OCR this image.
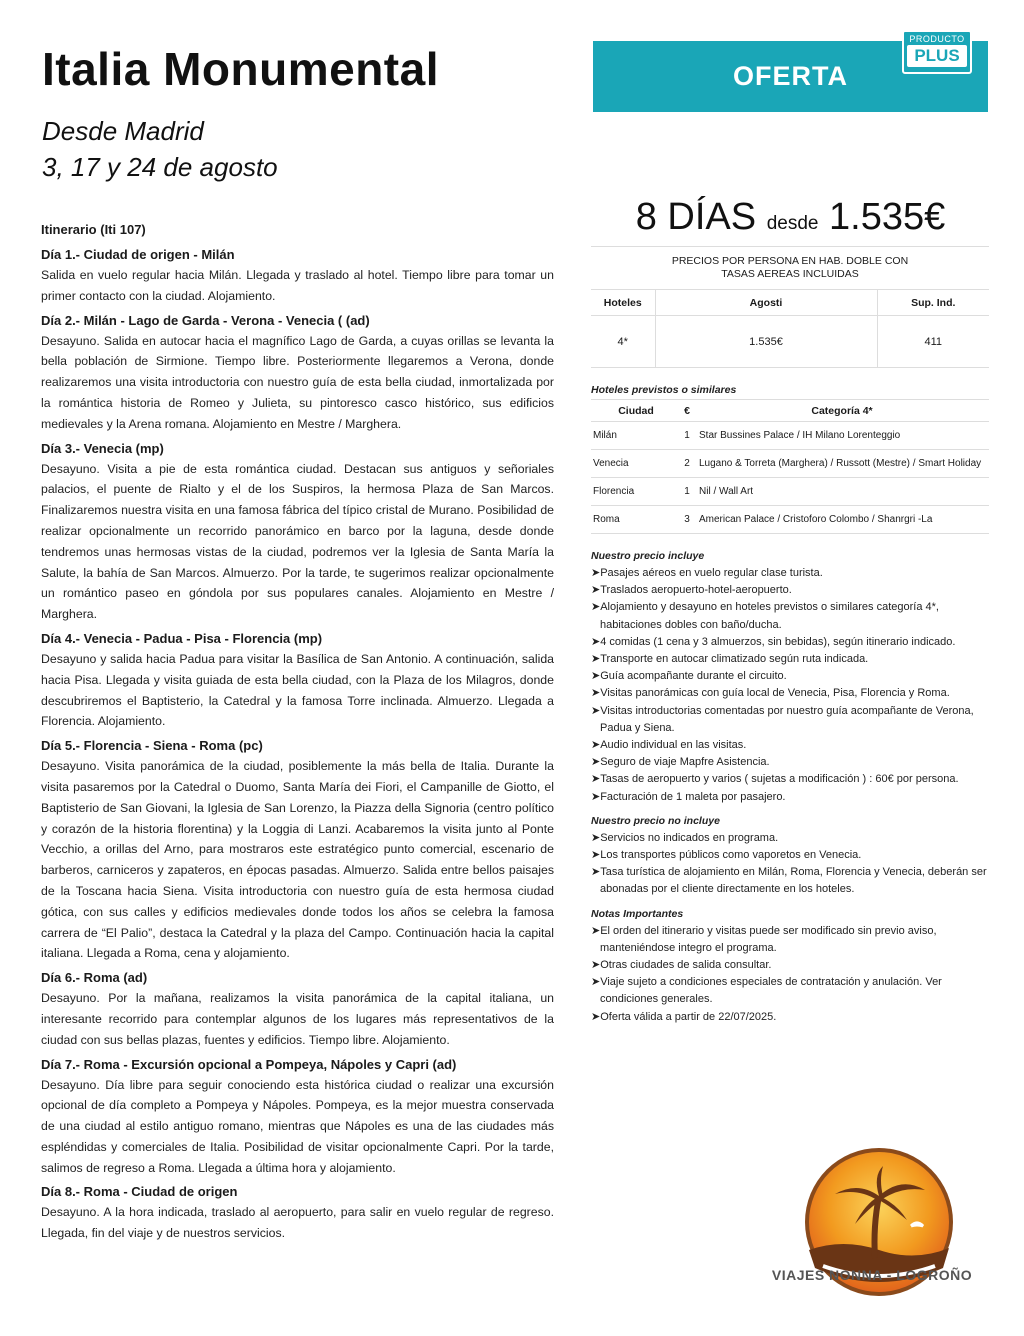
Italia Monumental
Desde Madrid
3, 17 y 24 de agosto
OFERTA
PRODUCTO
PLUS
8 DÍAS desde 1.535€
Itinerario (Iti 107)
Día 1.- Ciudad de origen - Milán
Salida en vuelo regular hacia Milán. Llegada y traslado al hotel. Tiempo libre para tomar un primer contacto con la ciudad. Alojamiento.
Día 2.- Milán - Lago de Garda - Verona - Venecia ( (ad)
Desayuno. Salida en autocar hacia el magnífico Lago de Garda, a cuyas orillas se levanta la bella población de Sirmione. Tiempo libre. Posteriormente llegaremos a Verona, donde realizaremos una visita introductoria con nuestro guía de esta bella ciudad, inmortalizada por la romántica historia de Romeo y Julieta, su pintoresco casco histórico, sus edificios medievales y la Arena romana. Alojamiento en Mestre / Marghera.
Día 3.- Venecia (mp)
Desayuno. Visita a pie de esta romántica ciudad. Destacan sus antiguos y señoriales palacios, el puente de Rialto y el de los Suspiros, la hermosa Plaza de San Marcos. Finalizaremos nuestra visita en una famosa fábrica del típico cristal de Murano. Posibilidad de realizar opcionalmente un recorrido panorámico en barco por la laguna, desde donde tendremos unas hermosas vistas de la ciudad, podremos ver la Iglesia de Santa María la Salute, la bahía de San Marcos. Almuerzo. Por la tarde, te sugerimos realizar opcionalmente un romántico paseo en góndola por sus populares canales. Alojamiento en Mestre / Marghera.
Día 4.- Venecia - Padua - Pisa - Florencia (mp)
Desayuno y salida hacia Padua para visitar la Basílica de San Antonio. A continuación, salida hacia Pisa. Llegada y visita guiada de esta bella ciudad, con la Plaza de los Milagros, donde descubriremos el Baptisterio, la Catedral y la famosa Torre inclinada. Almuerzo. Llegada a Florencia. Alojamiento.
Día 5.- Florencia - Siena - Roma (pc)
Desayuno. Visita panorámica de la ciudad, posiblemente la más bella de Italia. Durante la visita pasaremos por la Catedral o Duomo, Santa María dei Fiori, el Campanille de Giotto, el Baptisterio de San Giovani, la Iglesia de San Lorenzo, la Piazza della Signoria (centro político y corazón de la historia florentina) y la Loggia di Lanzi. Acabaremos la visita junto al Ponte Vecchio, a orillas del Arno, para mostraros este estratégico punto comercial, escenario de barberos, carniceros y zapateros, en épocas pasadas. Almuerzo. Salida entre bellos paisajes de la Toscana hacia Siena. Visita introductoria con nuestro guía de esta hermosa ciudad gótica, con sus calles y edificios medievales donde todos los años se celebra la famosa carrera de “El Palio”, destaca la Catedral y la plaza del Campo. Continuación hacia la capital italiana. Llegada a Roma, cena y alojamiento.
Día 6.- Roma (ad)
Desayuno. Por la mañana, realizamos la visita panorámica de la capital italiana, un interesante recorrido para contemplar algunos de los lugares más representativos de la ciudad con sus bellas plazas, fuentes y edificios. Tiempo libre. Alojamiento.
Día 7.- Roma - Excursión opcional a Pompeya, Nápoles y Capri (ad)
Desayuno. Día libre para seguir conociendo esta histórica ciudad o realizar una excursión opcional de día completo a Pompeya y Nápoles. Pompeya, es la mejor muestra conservada de una ciudad al estilo antiguo romano, mientras que Nápoles es una de las ciudades más espléndidas y comerciales de Italia. Posibilidad de visitar opcionalmente Capri. Por la tarde, salimos de regreso a Roma. Llegada a última hora y alojamiento.
Día 8.- Roma - Ciudad de origen
Desayuno. A la hora indicada, traslado al aeropuerto, para salir en vuelo regular de regreso. Llegada, fin del viaje y de nuestros servicios.
PRECIOS POR PERSONA EN HAB. DOBLE CON
TASAS AEREAS INCLUIDAS
Hoteles	Agosti	Sup. Ind.
4*	1.535€	411
Hoteles previstos o similares
Ciudad	€	Categoría 4*
Milán	1	Star Bussines Palace / IH Milano Lorenteggio
Venecia	2	Lugano & Torreta (Marghera) / Russott (Mestre) / Smart Holiday
Florencia	1	Nil / Wall Art
Roma	3	American Palace / Cristoforo Colombo / Shanrgri -La
Nuestro precio incluye
➤Pasajes aéreos en vuelo regular clase turista.
➤Traslados aeropuerto-hotel-aeropuerto.
➤Alojamiento y desayuno en hoteles previstos o similares categoría 4*, habitaciones dobles con baño/ducha.
➤4 comidas (1 cena y 3 almuerzos, sin bebidas), según itinerario indicado.
➤Transporte en autocar climatizado según ruta indicada.
➤Guía acompañante durante el circuito.
➤Visitas panorámicas con guía local de Venecia, Pisa, Florencia y Roma.
➤Visitas introductorias comentadas por nuestro guía acompañante de Verona, Padua y Siena.
➤Audio individual en las visitas.
➤Seguro de viaje Mapfre Asistencia.
➤Tasas de aeropuerto y varios ( sujetas a modificación ) : 60€ por persona.
➤Facturación de 1 maleta por pasajero.
Nuestro precio no incluye
➤Servicios no indicados en programa.
➤Los transportes públicos como vaporetos en Venecia.
➤Tasa turística de alojamiento en Milán, Roma, Florencia y Venecia, deberán ser abonadas por el cliente directamente en los hoteles.
Notas Importantes
➤El orden del itinerario y visitas puede ser modificado sin previo aviso, manteniéndose integro el programa.
➤Otras ciudades de salida consultar.
➤Viaje sujeto a condiciones especiales de contratación y anulación. Ver condiciones generales.
➤Oferta válida a partir de 22/07/2025.
VIAJES NONNA - LOGROÑO
